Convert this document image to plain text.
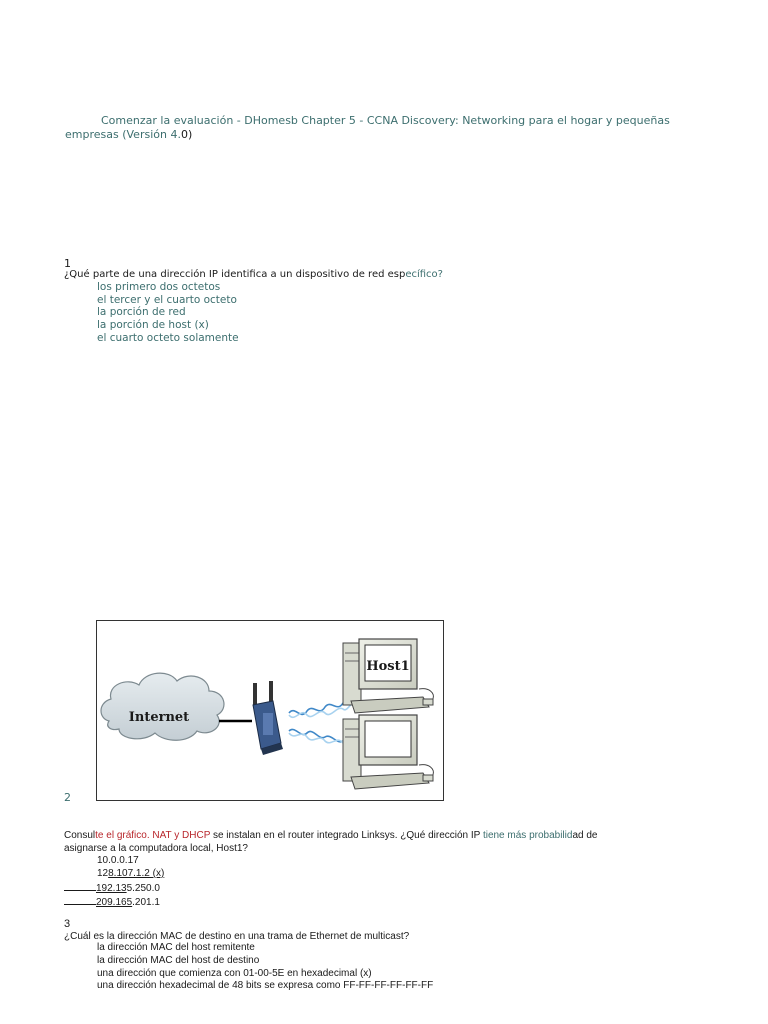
Comenzar la evaluación - DHomesb Chapter 5 - CCNA Discovery: Networking para el hogar y pequeñas empresas (Versión 4.0)
1
¿Qué parte de una dirección IP identifica a un dispositivo de red específico?
los primero dos octetos
el tercer y el cuarto octeto
la porción de red
la porción de host (x)
el cuarto octeto solamente
Internet
Host1
2
Consulte el gráfico. NAT y DHCP se instalan en el router integrado Linksys. ¿Qué dirección IP tiene más probabilidad de
asignarse a la computadora local, Host1?
10.0.0.17
128.107.1.2 (x)
192.135.250.0
209.165.201.1
3
¿Cuál es la dirección MAC de destino en una trama de Ethernet de multicast?
la dirección MAC del host remitente
la dirección MAC del host de destino
una dirección que comienza con 01-00-5E en hexadecimal (x)
una dirección hexadecimal de 48 bits se expresa como FF-FF-FF-FF-FF-FF
